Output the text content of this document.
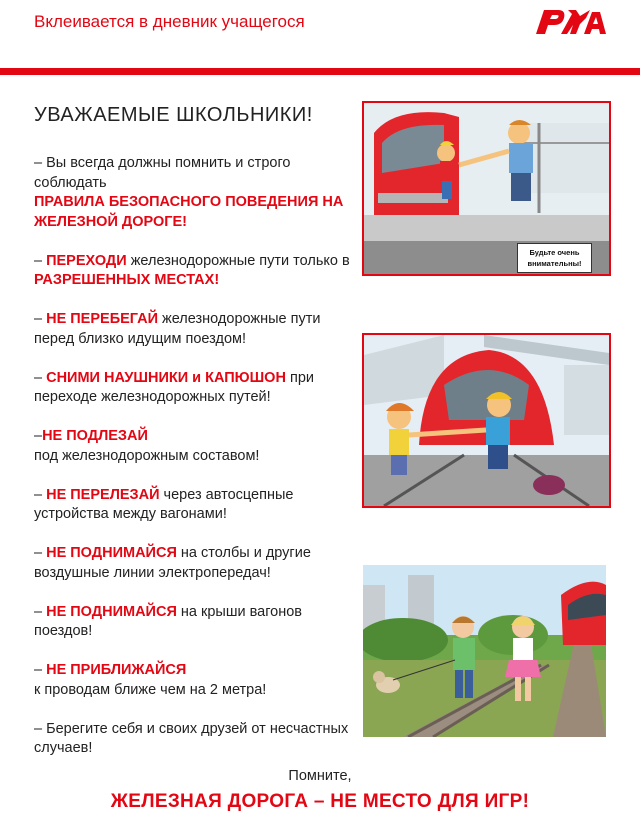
Вклеивается в дневник учащегося
УВАЖАЕМЫЕ ШКОЛЬНИКИ!
– Вы всегда должны помнить и строго соблюдать
ПРАВИЛА БЕЗОПАСНОГО ПОВЕДЕНИЯ НА ЖЕЛЕЗНОЙ ДОРОГЕ!
– ПЕРЕХОДИ железнодорожные пути только в РАЗРЕШЕННЫХ МЕСТАХ!
– НЕ ПЕРЕБЕГАЙ железнодорожные пути перед близко идущим поездом!
– СНИМИ НАУШНИКИ и КАПЮШОН при переходе железнодорожных путей!
–НЕ ПОДЛЕЗАЙ
под железнодорожным составом!
– НЕ ПЕРЕЛЕЗАЙ через автосцепные устройства между вагонами!
– НЕ ПОДНИМАЙСЯ на столбы и другие воздушные линии электропередач!
– НЕ ПОДНИМАЙСЯ на крыши вагонов поездов!
– НЕ ПРИБЛИЖАЙСЯ
к проводам ближе чем на 2 метра!
– Берегите себя и своих друзей от несчастных случаев!
Будьте очень внимательны!
Помните,
ЖЕЛЕЗНАЯ ДОРОГА – НЕ МЕСТО ДЛЯ ИГР!
